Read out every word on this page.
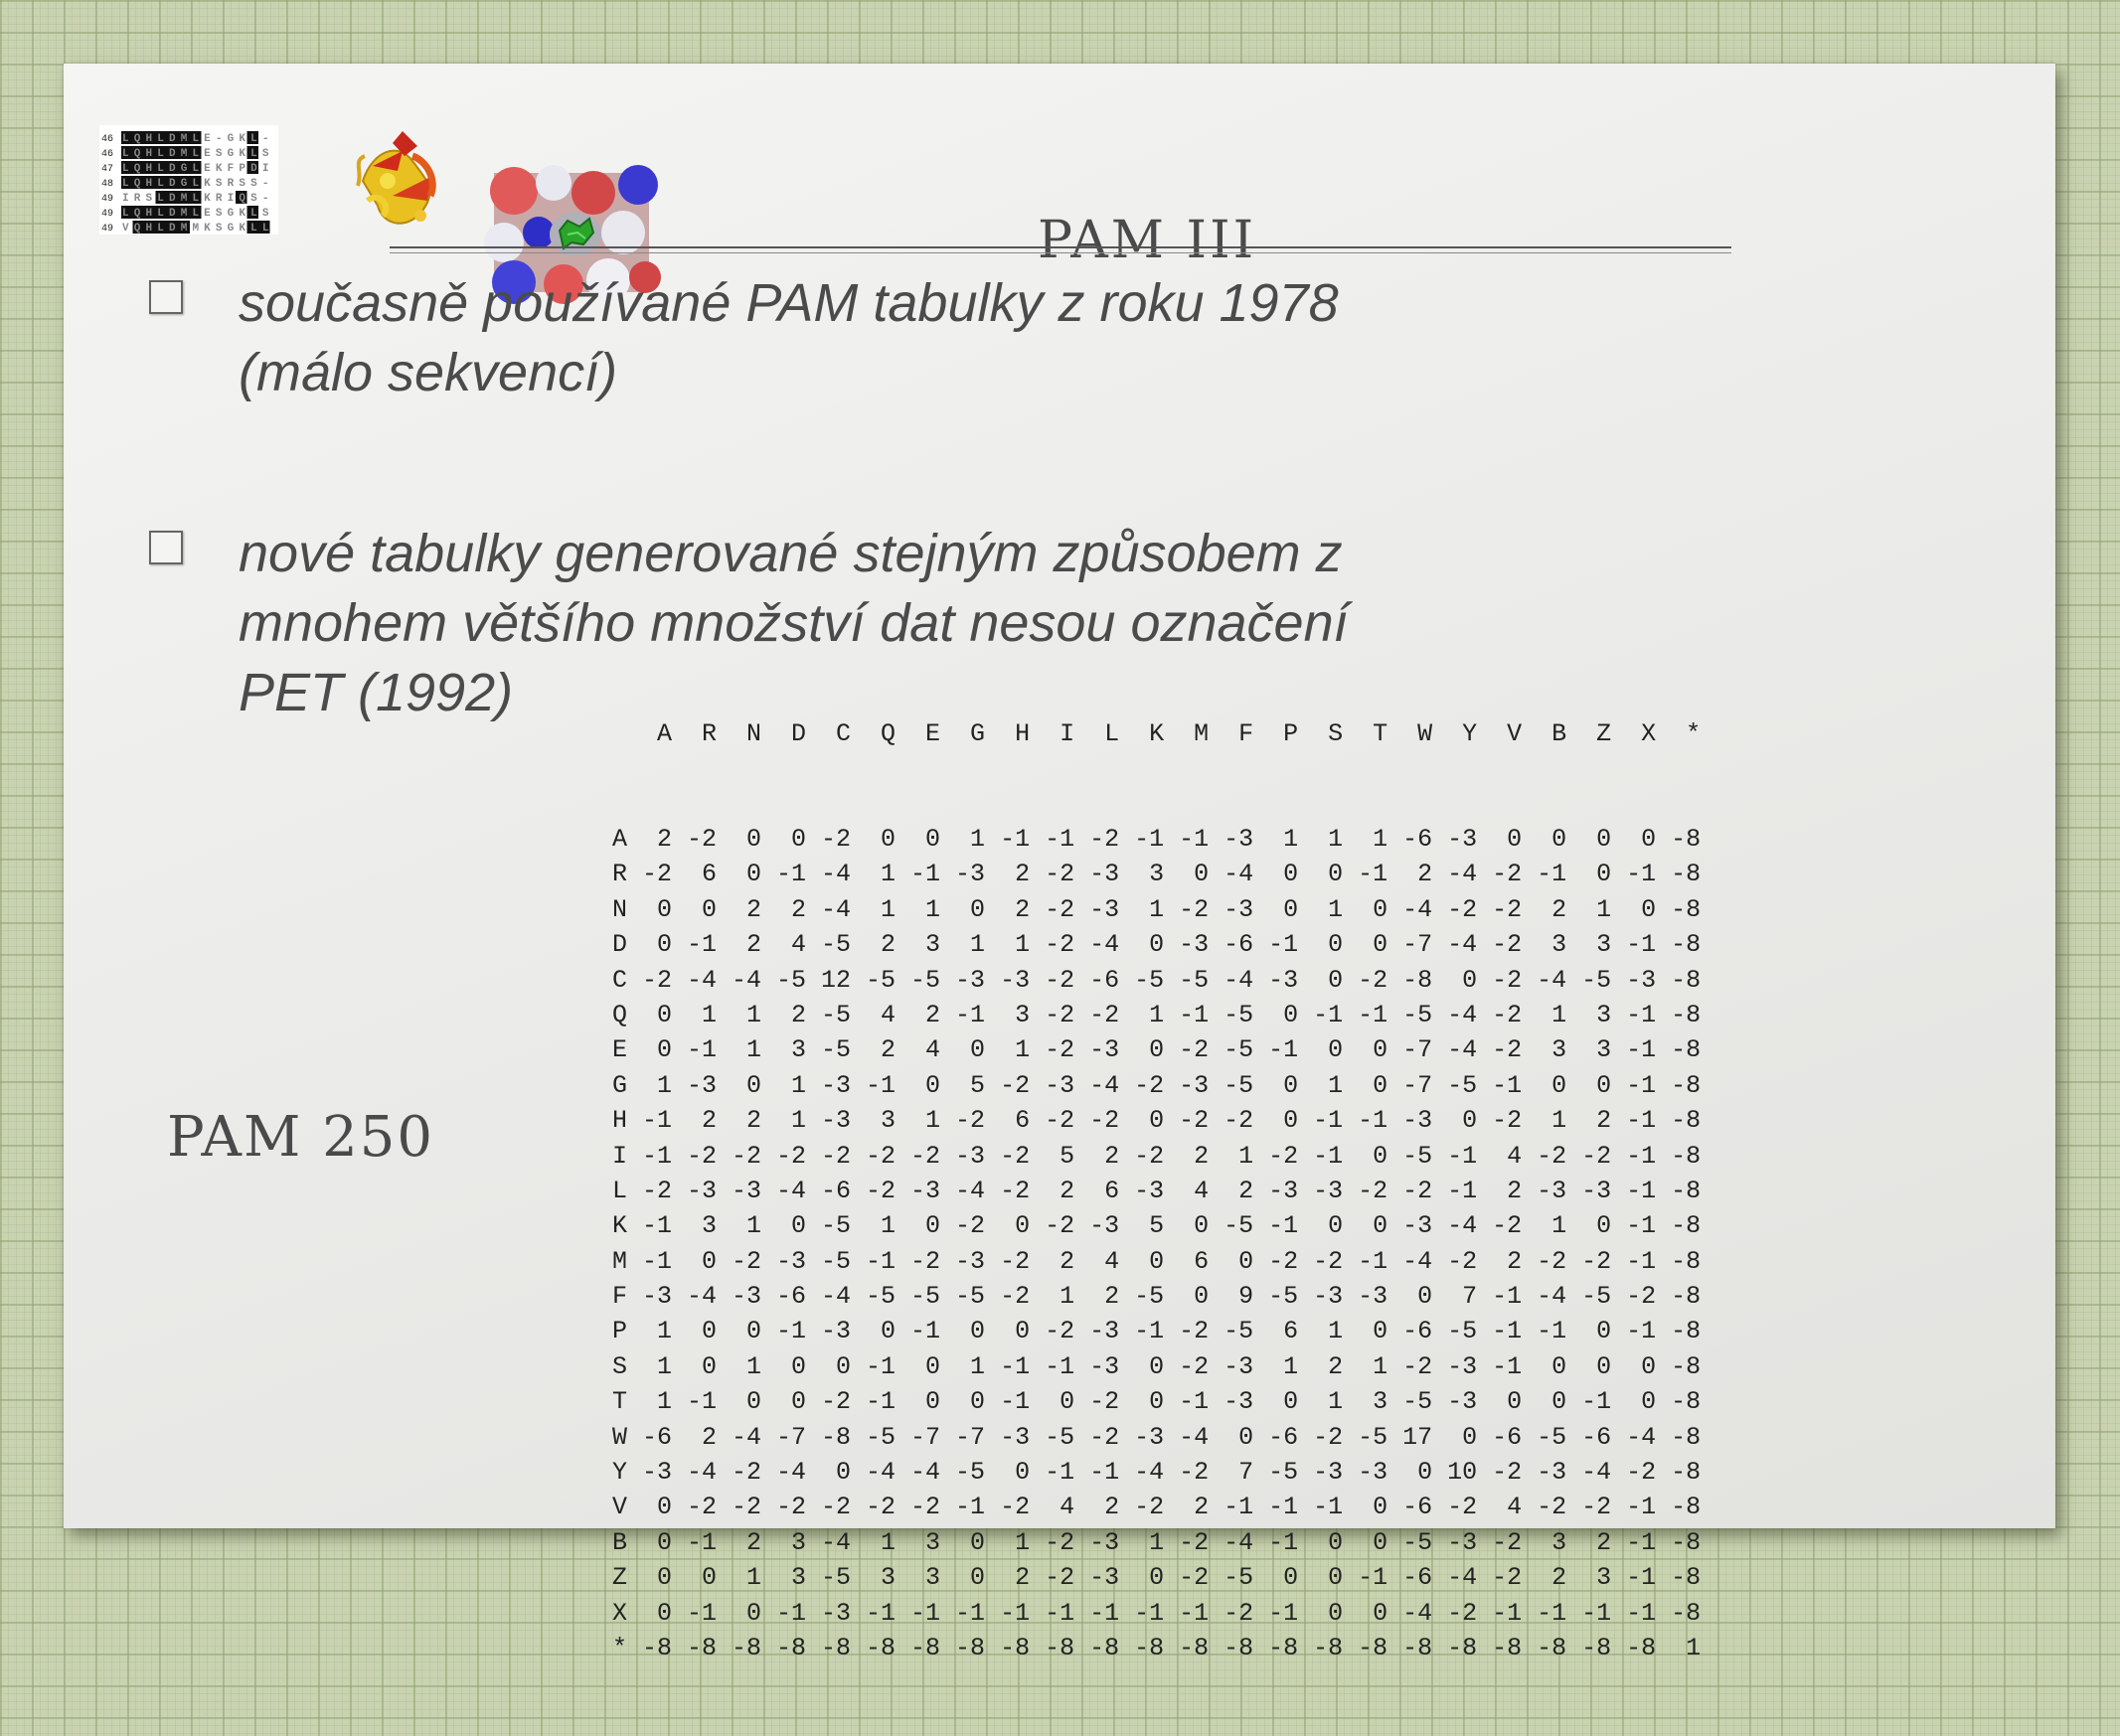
46 LQHLDMLE-GKL-
46 LQHLDMLESGKLS
47 LQHLDGLEKFPDI
48 LQHLDGLKSRSS-
49 IRSLDMLKRIQS-
49 LQHLDMLESGKLS
49 VQHLDMMKSGKLL	PAM III
současně používané PAM tabulky z roku 1978
(málo sekvencí)
nové tabulky generované stejným způsobem z
mnohem většího množství dat nesou označení
PET (1992)
PAM 250

A  R  N  D  C  Q  E  G  H  I  L  K  M  F  P  S  T  W  Y  V  B  Z  X  *

A  2 -2  0  0 -2  0  0  1 -1 -1 -2 -1 -1 -3  1  1  1 -6 -3  0  0  0  0 -8
R -2  6  0 -1 -4  1 -1 -3  2 -2 -3  3  0 -4  0  0 -1  2 -4 -2 -1  0 -1 -8
N  0  0  2  2 -4  1  1  0  2 -2 -3  1 -2 -3  0  1  0 -4 -2 -2  2  1  0 -8
D  0 -1  2  4 -5  2  3  1  1 -2 -4  0 -3 -6 -1  0  0 -7 -4 -2  3  3 -1 -8
C -2 -4 -4 -5 12 -5 -5 -3 -3 -2 -6 -5 -5 -4 -3  0 -2 -8  0 -2 -4 -5 -3 -8
Q  0  1  1  2 -5  4  2 -1  3 -2 -2  1 -1 -5  0 -1 -1 -5 -4 -2  1  3 -1 -8
E  0 -1  1  3 -5  2  4  0  1 -2 -3  0 -2 -5 -1  0  0 -7 -4 -2  3  3 -1 -8
G  1 -3  0  1 -3 -1  0  5 -2 -3 -4 -2 -3 -5  0  1  0 -7 -5 -1  0  0 -1 -8
H -1  2  2  1 -3  3  1 -2  6 -2 -2  0 -2 -2  0 -1 -1 -3  0 -2  1  2 -1 -8
I -1 -2 -2 -2 -2 -2 -2 -3 -2  5  2 -2  2  1 -2 -1  0 -5 -1  4 -2 -2 -1 -8
L -2 -3 -3 -4 -6 -2 -3 -4 -2  2  6 -3  4  2 -3 -3 -2 -2 -1  2 -3 -3 -1 -8
K -1  3  1  0 -5  1  0 -2  0 -2 -3  5  0 -5 -1  0  0 -3 -4 -2  1  0 -1 -8
M -1  0 -2 -3 -5 -1 -2 -3 -2  2  4  0  6  0 -2 -2 -1 -4 -2  2 -2 -2 -1 -8
F -3 -4 -3 -6 -4 -5 -5 -5 -2  1  2 -5  0  9 -5 -3 -3  0  7 -1 -4 -5 -2 -8
P  1  0  0 -1 -3  0 -1  0  0 -2 -3 -1 -2 -5  6  1  0 -6 -5 -1 -1  0 -1 -8
S  1  0  1  0  0 -1  0  1 -1 -1 -3  0 -2 -3  1  2  1 -2 -3 -1  0  0  0 -8
T  1 -1  0  0 -2 -1  0  0 -1  0 -2  0 -1 -3  0  1  3 -5 -3  0  0 -1  0 -8
W -6  2 -4 -7 -8 -5 -7 -7 -3 -5 -2 -3 -4  0 -6 -2 -5 17  0 -6 -5 -6 -4 -8
Y -3 -4 -2 -4  0 -4 -4 -5  0 -1 -1 -4 -2  7 -5 -3 -3  0 10 -2 -3 -4 -2 -8
V  0 -2 -2 -2 -2 -2 -2 -1 -2  4  2 -2  2 -1 -1 -1  0 -6 -2  4 -2 -2 -1 -8
B  0 -1  2  3 -4  1  3  0  1 -2 -3  1 -2 -4 -1  0  0 -5 -3 -2  3  2 -1 -8
Z  0  0  1  3 -5  3  3  0  2 -2 -3  0 -2 -5  0  0 -1 -6 -4 -2  2  3 -1 -8
X  0 -1  0 -1 -3 -1 -1 -1 -1 -1 -1 -1 -1 -2 -1  0  0 -4 -2 -1 -1 -1 -1 -8
* -8 -8 -8 -8 -8 -8 -8 -8 -8 -8 -8 -8 -8 -8 -8 -8 -8 -8 -8 -8 -8 -8 -8  1
